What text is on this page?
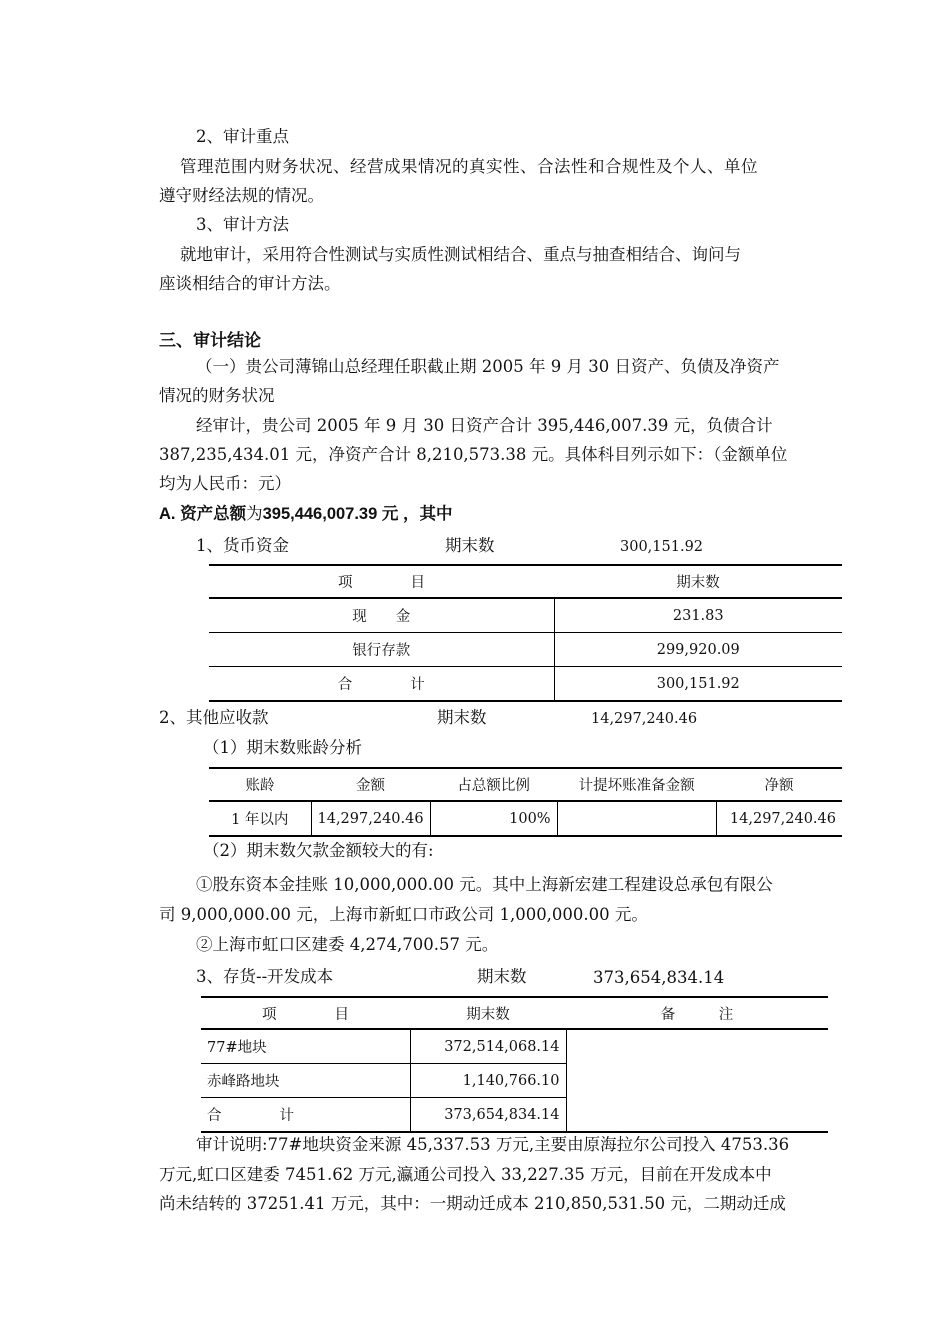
2、审计重点
管理范围内财务状况、经营成果情况的真实性、合法性和合规性及个人、单位
遵守财经法规的情况。
3、审计方法
就地审计，采用符合性测试与实质性测试相结合、重点与抽查相结合、询问与
座谈相结合的审计方法。
三、审计结论
（一）贵公司薄锦山总经理任职截止期 2005 年 9 月 30 日资产、负债及净资产
情况的财务状况
经审计，贵公司 2005 年 9 月 30 日资产合计 395,446,007.39 元，负债合计
387,235,434.01 元，净资产合计 8,210,573.38 元。具体科目列示如下：（金额单位
均为人民币：元）
A. 资产总额为395,446,007.39 元 ，其中
1、货币资金	期末数	300,151.92
项　　　　目	期末数
现　　金	231.83
银行存款	299,920.09
合　　　　计	300,151.92
2、其他应收款	期末数	14,297,240.46
（1）期末数账龄分析
账龄	金额	占总额比例	计提坏账准备金额	净额
1 年以内	14,297,240.46	100%		14,297,240.46
（2）期末数欠款金额较大的有:
①股东资本金挂账 10,000,000.00 元。其中上海新宏建工程建设总承包有限公
司 9,000,000.00 元，上海市新虹口市政公司 1,000,000.00 元。
②上海市虹口区建委 4,274,700.57 元。
3、存货--开发成本	期末数	373,654,834.14
项　　　　目	期末数	备　　　注
77#地块	372,514,068.14	
赤峰路地块	1,140,766.10	
合　　　　计	373,654,834.14	
审计说明:77#地块资金来源 45,337.53 万元,主要由原海拉尔公司投入 4753.36
万元,虹口区建委 7451.62 万元,瀛通公司投入 33,227.35 万元，目前在开发成本中
尚未结转的 37251.41 万元，其中：一期动迁成本 210,850,531.50 元，二期动迁成
